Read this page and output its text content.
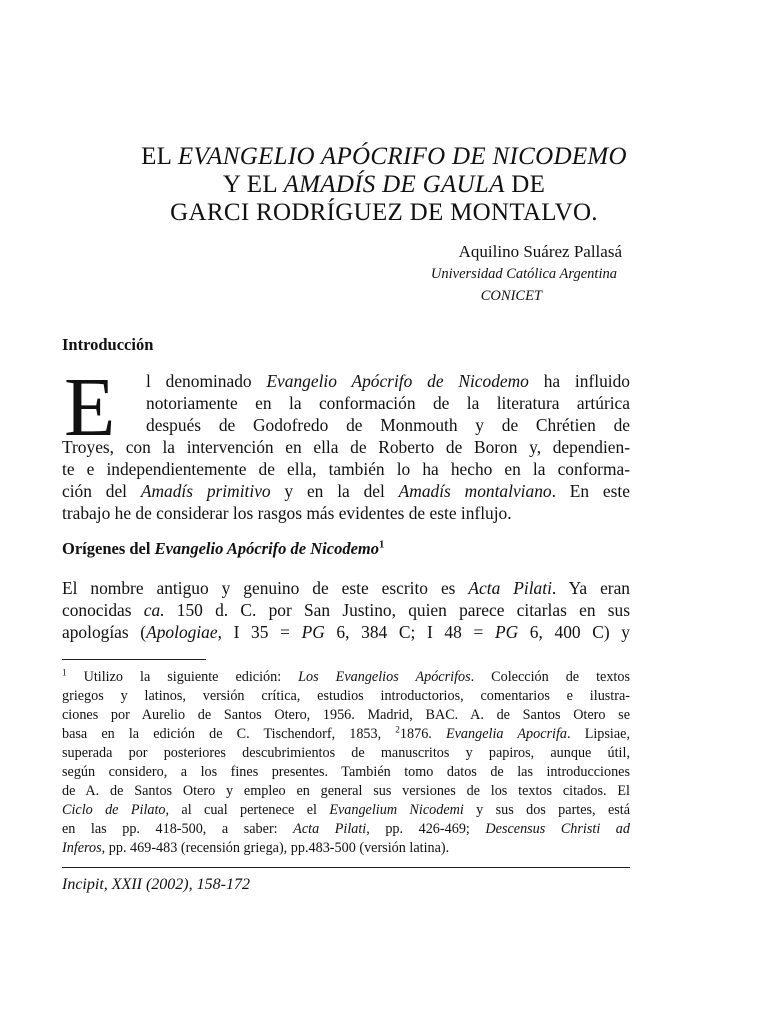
EL EVANGELIO APÓCRIFO DE NICODEMO
Y EL AMADÍS DE GAULA DE
GARCI RODRÍGUEZ DE MONTALVO.
Aquilino Suárez Pallasá
Universidad Católica Argentina
CONICET
Introducción
E l denominado Evangelio Apócrifo de Nicodemo ha influido
notoriamente en la conformación de la literatura artúrica
después de Godofredo de Monmouth y de Chrétien de
Troyes, con la intervención en ella de Roberto de Boron y, dependien-
te e independientemente de ella, también lo ha hecho en la conforma-
ción del Amadís primitivo y en la del Amadís montalviano. En este
trabajo he de considerar los rasgos más evidentes de este influjo.
Orígenes del Evangelio Apócrifo de Nicodemo$^1$
El nombre antiguo y genuino de este escrito es Acta Pilati. Ya eran
conocidas ca. 150 d. C. por San Justino, quien parece citarlas en sus
apologías (Apologiae, I 35 = PG 6, 384 C; I 48 = PG 6, 400 C) y
$^1$ Utilizo la siguiente edición: Los Evangelios Apócrifos. Colección de textos
griegos y latinos, versión crítica, estudios introductorios, comentarios e ilustra-
ciones por Aurelio de Santos Otero, 1956. Madrid, BAC. A. de Santos Otero se
basa en la edición de C. Tischendorf, 1853, $^2$1876. Evangelia Apocrifa. Lipsiae,
superada por posteriores descubrimientos de manuscritos y papiros, aunque útil,
según considero, a los fines presentes. También tomo datos de las introducciones
de A. de Santos Otero y empleo en general sus versiones de los textos citados. El
Ciclo de Pilato, al cual pertenece el Evangelium Nicodemi y sus dos partes, está
en las pp. 418-500, a saber: Acta Pilati, pp. 426-469; Descensus Christi ad
Inferos, pp. 469-483 (recensión griega), pp.483-500 (versión latina).
Incipit, XXII (2002), 158-172
